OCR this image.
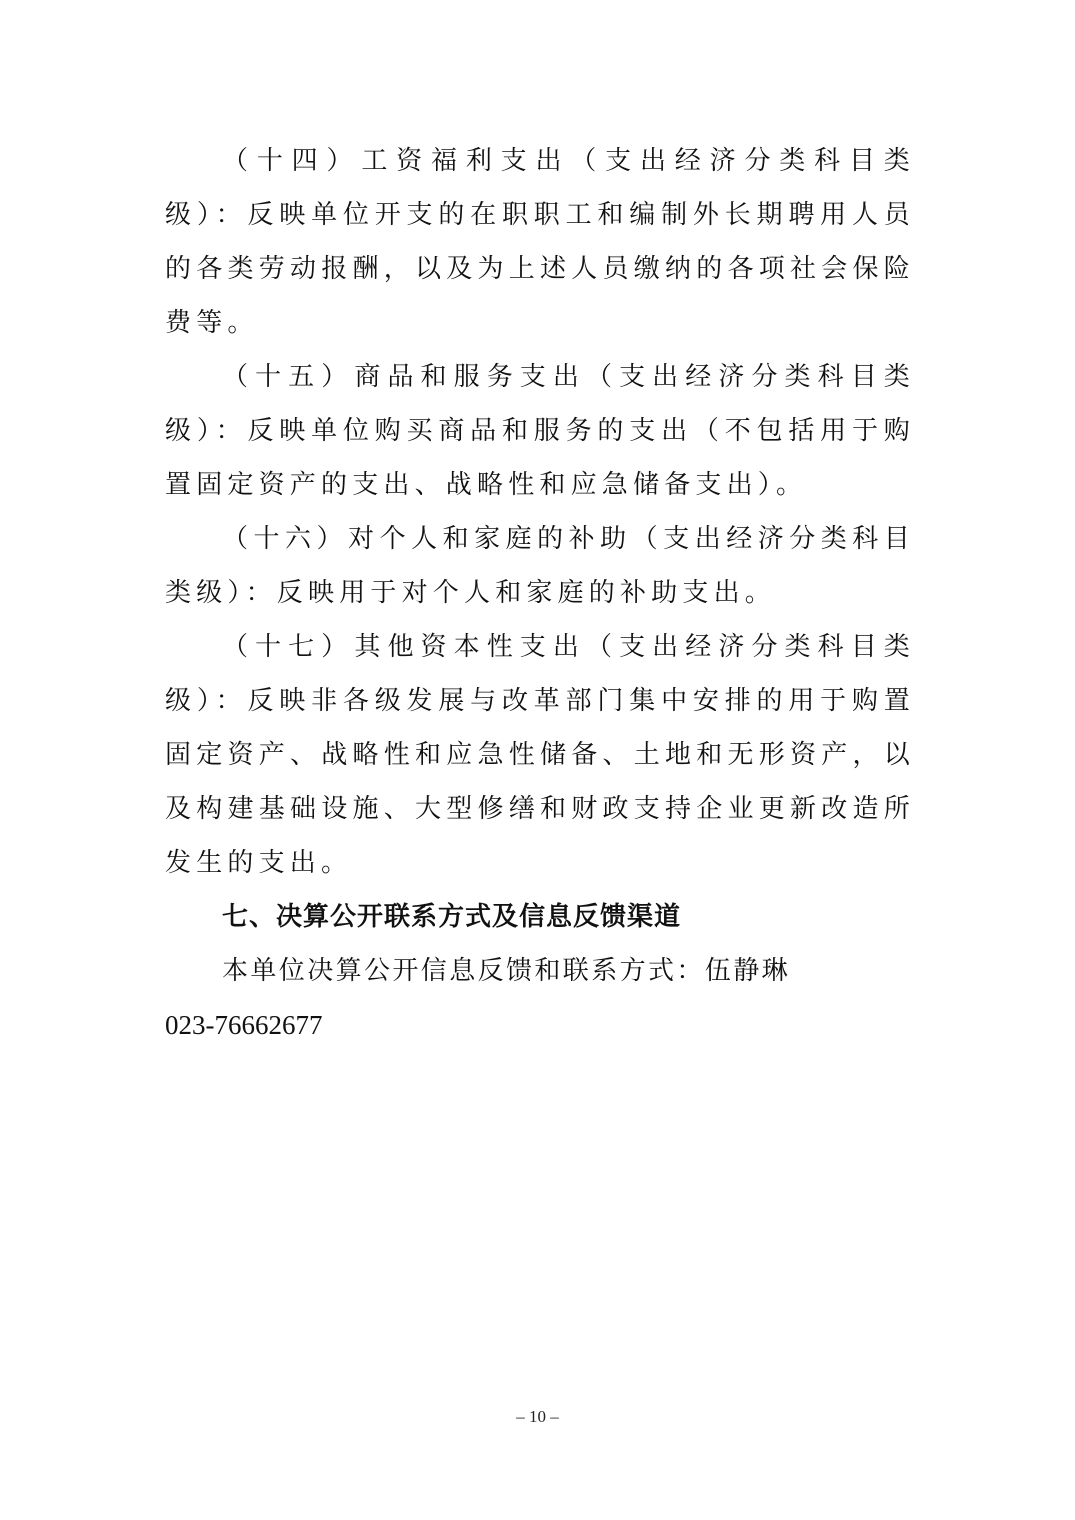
（十四）工资福利支出（支出经济分类科目类级）：反映单位开支的在职职工和编制外长期聘用人员的各类劳动报酬，以及为上述人员缴纳的各项社会保险费等。

（十五）商品和服务支出（支出经济分类科目类级）：反映单位购买商品和服务的支出（不包括用于购置固定资产的支出、战略性和应急储备支出）。

（十六）对个人和家庭的补助（支出经济分类科目类级）：反映用于对个人和家庭的补助支出。

（十七）其他资本性支出（支出经济分类科目类级）：反映非各级发展与改革部门集中安排的用于购置固定资产、战略性和应急性储备、土地和无形资产，以及构建基础设施、大型修缮和财政支持企业更新改造所发生的支出。

七、决算公开联系方式及信息反馈渠道

本单位决算公开信息反馈和联系方式：伍静琳

023-76662677

– 10 –
